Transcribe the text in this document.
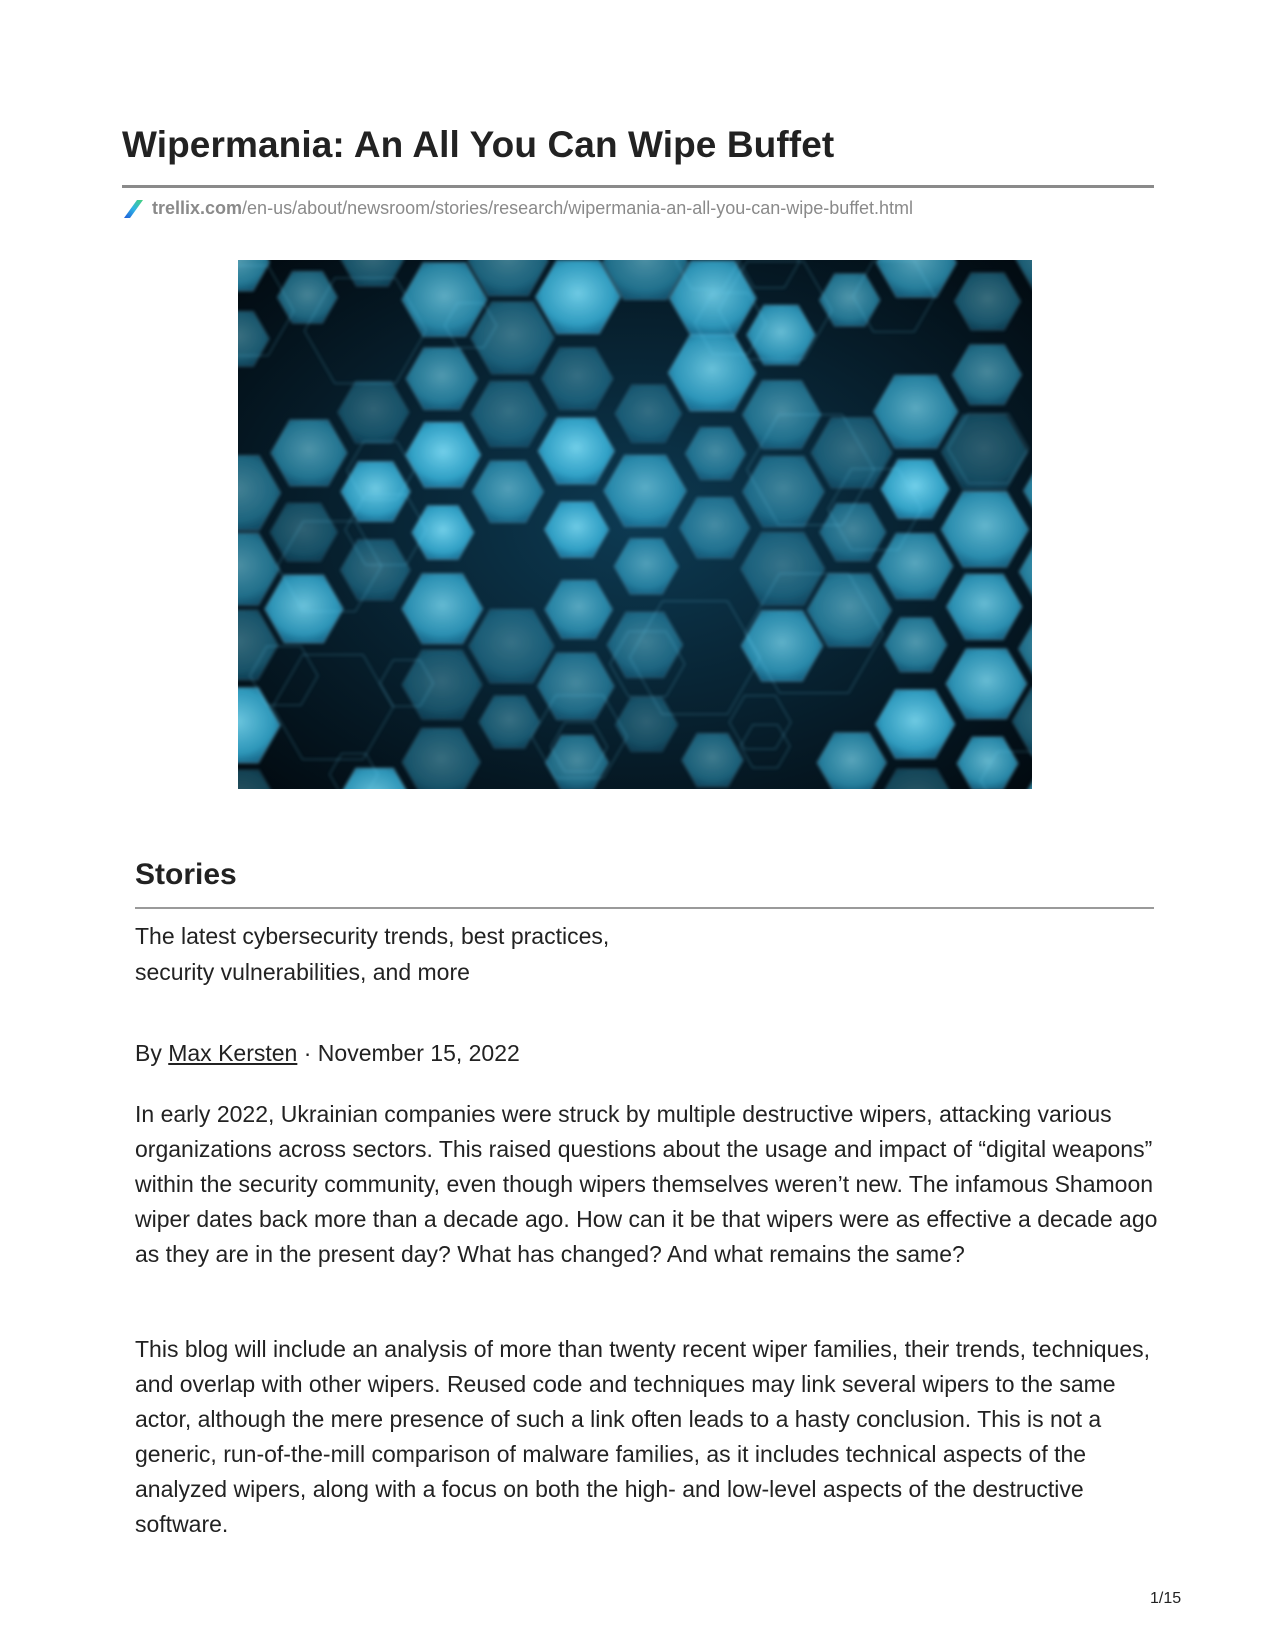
Wipermania: An All You Can Wipe Buffet
trellix.com/en-us/about/newsroom/stories/research/wipermania-an-all-you-can-wipe-buffet.html
Stories

The latest cybersecurity trends, best practices,
security vulnerabilities, and more

By Max Kersten · November 15, 2022

In early 2022, Ukrainian companies were struck by multiple destructive wipers, attacking various organizations across sectors. This raised questions about the usage and impact of “digital weapons” within the security community, even though wipers themselves weren’t new. The infamous Shamoon wiper dates back more than a decade ago. How can it be that wipers were as effective a decade ago as they are in the present day? What has changed? And what remains the same?

This blog will include an analysis of more than twenty recent wiper families, their trends, techniques, and overlap with other wipers. Reused code and techniques may link several wipers to the same actor, although the mere presence of such a link often leads to a hasty conclusion. This is not a generic, run-of-the-mill comparison of malware families, as it includes technical aspects of the analyzed wipers, along with a focus on both the high- and low-level aspects of the destructive software.

1/15
